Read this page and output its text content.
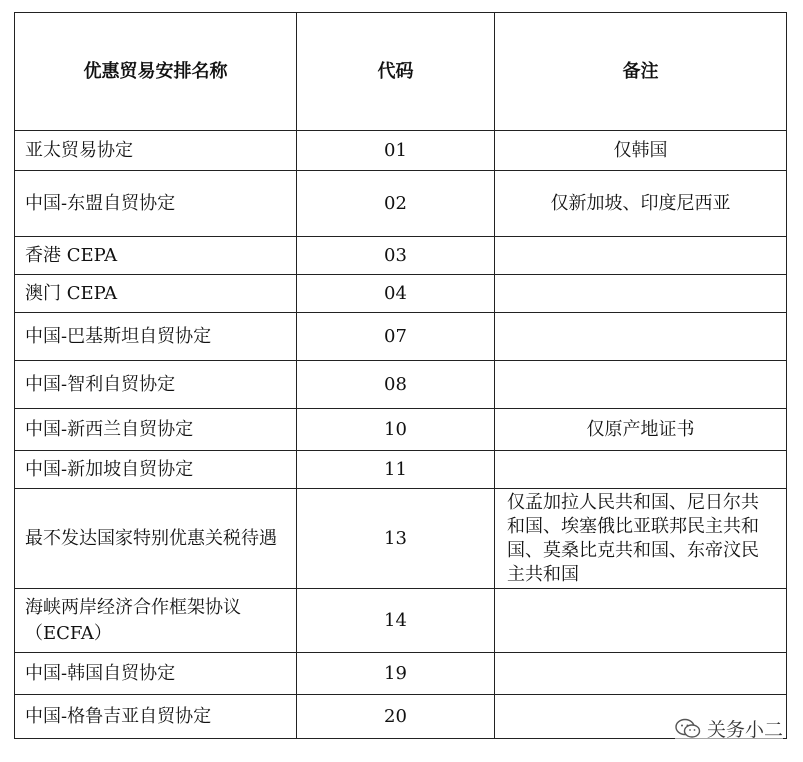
优惠贸易安排名称	代码	备注
亚太贸易协定	01	仅韩国
中国-东盟自贸协定	02	仅新加坡、印度尼西亚
香港 CEPA	03	
澳门 CEPA	04	
中国-巴基斯坦自贸协定	07	
中国-智利自贸协定	08	
中国-新西兰自贸协定	10	仅原产地证书
中国-新加坡自贸协定	11	
最不发达国家特别优惠关税待遇	13	仅孟加拉人民共和国、尼日尔共和国、埃塞俄比亚联邦民主共和国、莫桑比克共和国、东帝汶民主共和国
海峡两岸经济合作框架协议（ECFA）	14	
中国-韩国自贸协定	19	
中国-格鲁吉亚自贸协定	20	
关务小二
